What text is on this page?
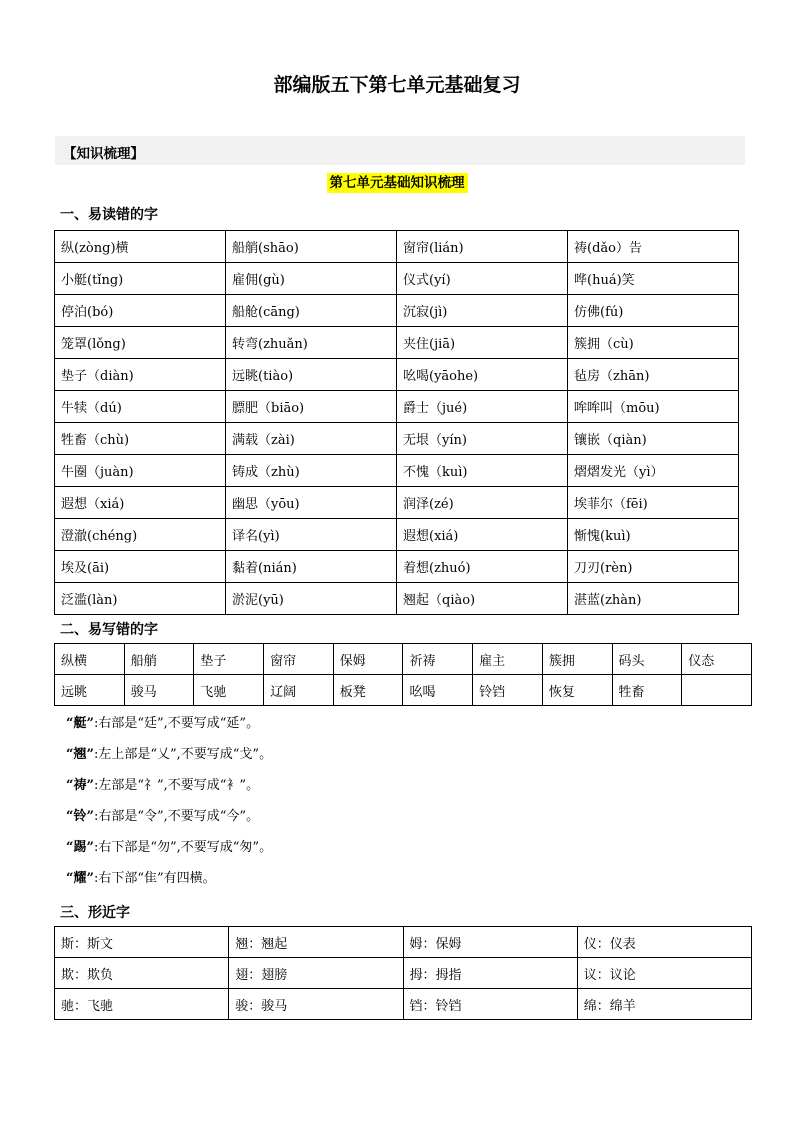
部编版五下第七单元基础复习
【知识梳理】
第七单元基础知识梳理
一、易读错的字
纵(zòng)横	船艄(shāo)	窗帘(lián)	祷(dǎo）告
小艇(tǐng)	雇佣(gù)	仪式(yí)	哗(huá)笑
停泊(bó)	船舱(cāng)	沉寂(jì)	仿佛(fú)
笼罩(lǒng)	转弯(zhuǎn)	夹住(jiā)	簇拥（cù)
垫子（diàn)	远眺(tiào)	吆喝(yāohe)	毡房（zhān)
牛犊（dú)	膘肥（biāo)	爵士（jué)	哞哞叫（mōu)
牲畜（chù)	满载（zài)	无垠（yín)	镶嵌（qiàn)
牛圈（juàn)	铸成（zhù)	不愧（kuì)	熠熠发光（yì）
遐想（xiá)	幽思（yōu)	润泽(zé)	埃菲尔（fēi)
澄澈(chéng)	译名(yì)	遐想(xiá)	惭愧(kuì)
埃及(āi)	黏着(nián)	着想(zhuó)	刀刃(rèn)
泛滥(làn)	淤泥(yū)	翘起（qiào)	湛蓝(zhàn)
二、易写错的字
纵横	船艄	垫子	窗帘	保姆	祈祷	雇主	簇拥	码头	仪态
远眺	骏马	飞驰	辽阔	板凳	吆喝	铃铛	恢复	牲畜	
“艇”:右部是“廷”,不要写成“延”。
“翘”:左上部是“乂”,不要写成“戈”。
“祷”:左部是“礻”,不要写成“衤”。
“铃”:右部是“令”,不要写成“今”。
“踢”:右下部是“勿”,不要写成“匆”。
“耀”:右下部“隹”有四横。
三、形近字
斯：斯文	翘：翘起	姆：保姆	仪：仪表
欺：欺负	翅：翅膀	拇：拇指	议：议论
驰：飞驰	骏：骏马	铛：铃铛	绵：绵羊
